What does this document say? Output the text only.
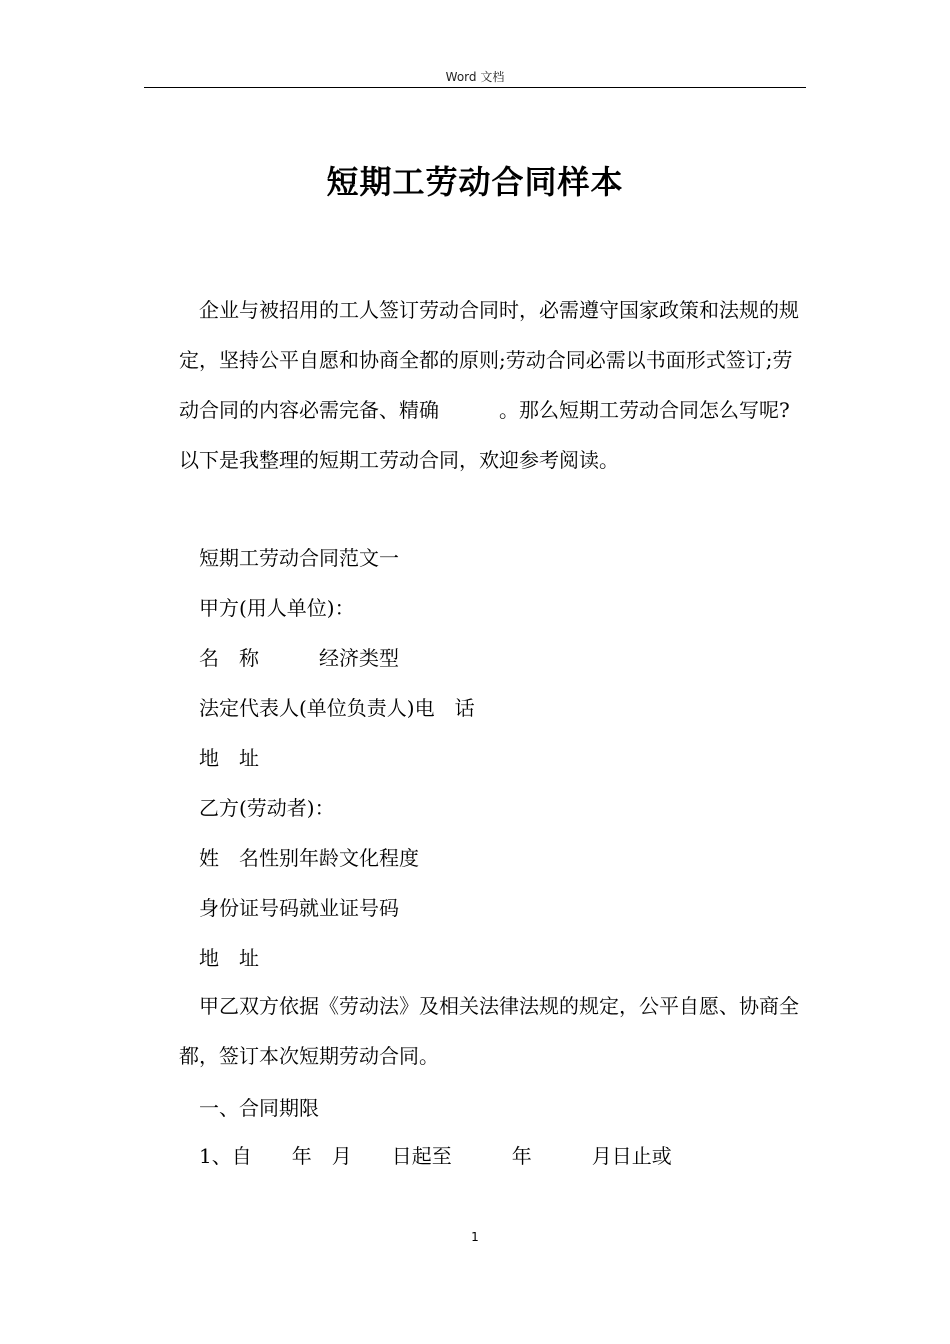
Word 文档
短期工劳动合同样本
企业与被招用的工人签订劳动合同时，必需遵守国家政策和法规的规定，坚持公平自愿和协商全都的原则;劳动合同必需以书面形式签订;劳动合同的内容必需完备、精确　　　。那么短期工劳动合同怎么写呢?以下是我整理的短期工劳动合同，欢迎参考阅读。
短期工劳动合同范文一
甲方(用人单位)：
名　称　　　经济类型
法定代表人(单位负责人)电　话
地　址
乙方(劳动者)：
姓　名性别年龄文化程度
身份证号码就业证号码
地　址
甲乙双方依据《劳动法》及相关法律法规的规定，公平自愿、协商全都，签订本次短期劳动合同。
一、合同期限
1、自　　年　月　　日起至　　　年　　　月日止或
1
